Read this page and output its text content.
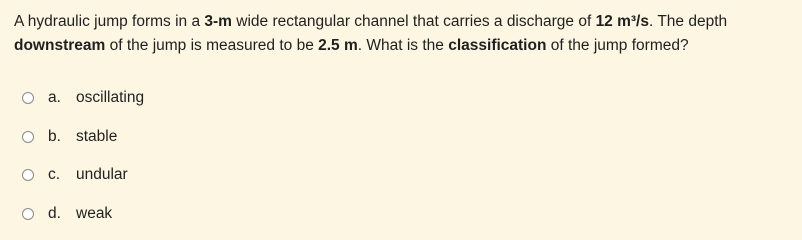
A hydraulic jump forms in a 3-m wide rectangular channel that carries a discharge of 12 m³/s. The depth downstream of the jump is measured to be 2.5 m. What is the classification of the jump formed?
a. oscillating
b. stable
c.	undular
d. weak
